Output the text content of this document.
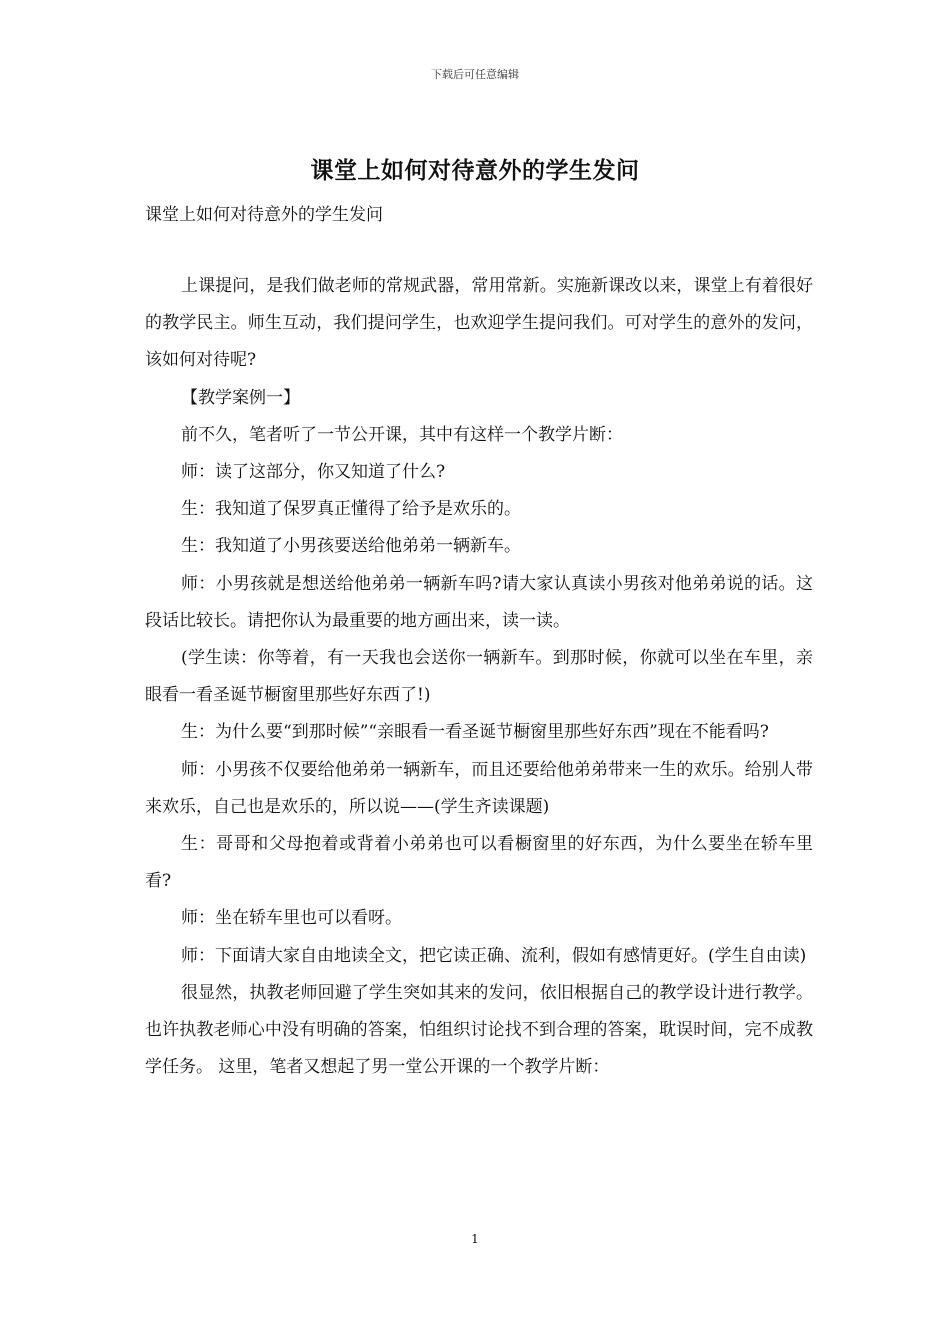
下载后可任意编辑
课堂上如何对待意外的学生发问
课堂上如何对待意外的学生发问

上课提问，是我们做老师的常规武器，常用常新。实施新课改以来，课堂上有着很好的教学民主。师生互动，我们提问学生，也欢迎学生提问我们。可对学生的意外的发问，该如何对待呢?

【教学案例一】

前不久，笔者听了一节公开课，其中有这样一个教学片断：

师：读了这部分，你又知道了什么?

生：我知道了保罗真正懂得了给予是欢乐的。

生：我知道了小男孩要送给他弟弟一辆新车。

师：小男孩就是想送给他弟弟一辆新车吗?请大家认真读小男孩对他弟弟说的话。这段话比较长。请把你认为最重要的地方画出来，读一读。

(学生读：你等着，有一天我也会送你一辆新车。到那时候，你就可以坐在车里，亲眼看一看圣诞节橱窗里那些好东西了!)

生：为什么要“到那时候”“亲眼看一看圣诞节橱窗里那些好东西”现在不能看吗?

师：小男孩不仅要给他弟弟一辆新车，而且还要给他弟弟带来一生的欢乐。给别人带来欢乐，自己也是欢乐的，所以说——(学生齐读课题)

生：哥哥和父母抱着或背着小弟弟也可以看橱窗里的好东西，为什么要坐在轿车里看?

师：坐在轿车里也可以看呀。

师：下面请大家自由地读全文，把它读正确、流利，假如有感情更好。(学生自由读)

很显然，执教老师回避了学生突如其来的发问，依旧根据自己的教学设计进行教学。也许执教老师心中没有明确的答案，怕组织讨论找不到合理的答案，耽误时间，完不成教学任务。 这里，笔者又想起了男一堂公开课的一个教学片断：

1
